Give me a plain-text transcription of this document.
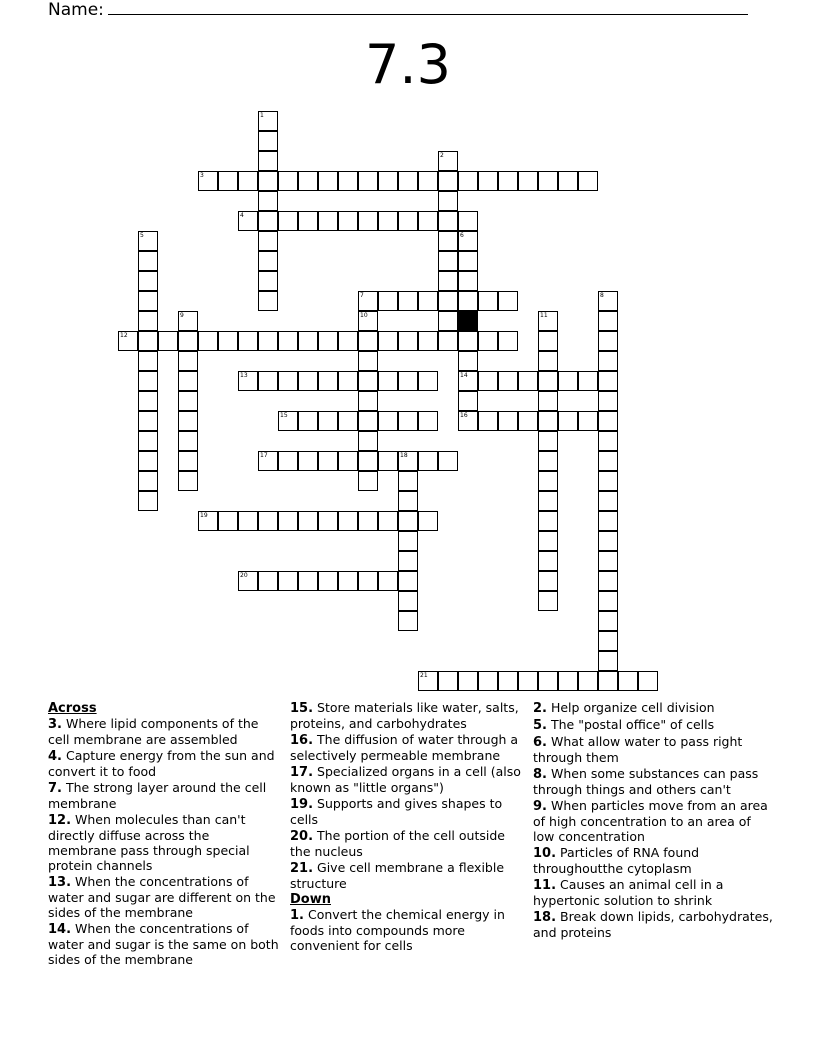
Name:
7.3
1
2
3
4
5	6
14
16
7	8
9	10	11
12
13
15
17	18
19
20
21
Across
3. Where lipid components of the cell membrane are assembled
4. Capture energy from the sun and convert it to food
7. The strong layer around the cell membrane
12. When molecules than can't directly diffuse across the membrane pass through special protein channels
13. When the concentrations of water and sugar are different on the sides of the membrane
14. When the concentrations of water and sugar is the same on both sides of the membrane
15. Store materials like water, salts, proteins, and carbohydrates
16. The diffusion of water through a selectively permeable membrane
17. Specialized organs in a cell (also known as "little organs")
19. Supports and gives shapes to cells
20. The portion of the cell outside the nucleus
21. Give cell membrane a flexible structure
Down
1. Convert the chemical energy in foods into compounds more convenient for cells
2. Help organize cell division
5. The "postal office" of cells
6. What allow water to pass right through them
8. When some substances can pass through things and others can't
9. When particles move from an area of high concentration to an area of low concentration
10. Particles of RNA found throughoutthe cytoplasm
11. Causes an animal cell in a hypertonic solution to shrink
18. Break down lipids, carbohydrates, and proteins
